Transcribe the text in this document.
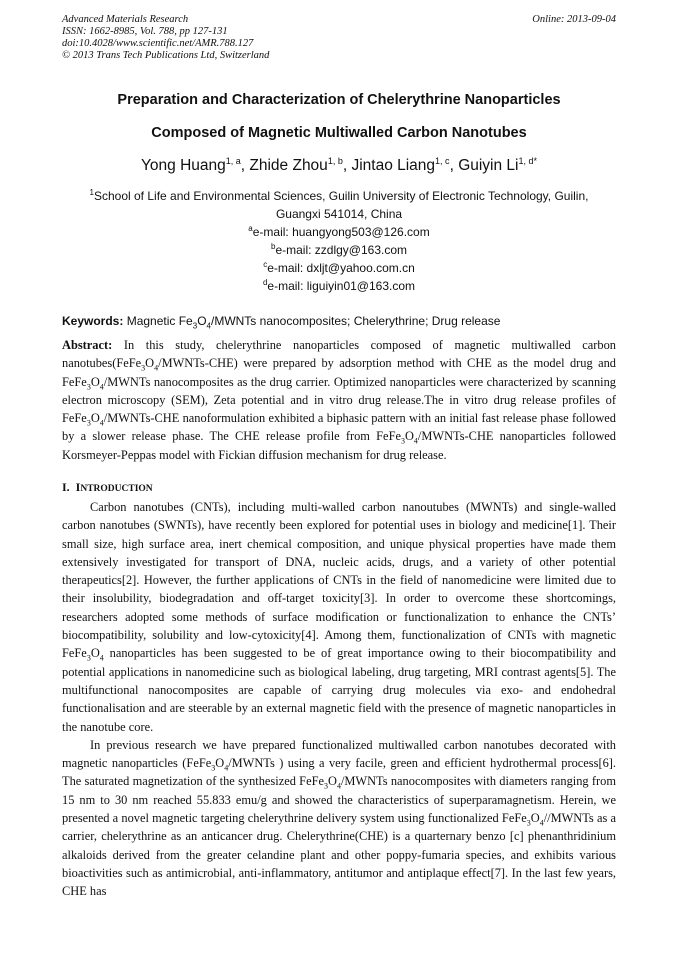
Advanced Materials Research
ISSN: 1662-8985, Vol. 788, pp 127-131
doi:10.4028/www.scientific.net/AMR.788.127
© 2013 Trans Tech Publications Ltd, Switzerland
Online: 2013-09-04
Preparation and Characterization of Chelerythrine Nanoparticles
Composed of Magnetic Multiwalled Carbon Nanotubes
Yong Huang$^{1, a}$, Zhide Zhou$^{1, b}$, Jintao Liang$^{1, c}$, Guiyin $Li^{1, d*}$
$^1$School of Life and Environmental Sciences, Guilin University of Electronic Technology, Guilin,
Guangxi 541014, China
$^a$e-mail: huangyong503@126.com
$^b$e-mail: zzdlgy@163.com
$^c$e-mail: dxljt@yahoo.com.cn
$^d$e-mail: liguiyin01@163.com
Keywords: Magnetic $Fe_3O_4$/MWNTs nanocomposites; Chelerythrine; Drug release

Abstract: In this study, chelerythrine nanoparticles composed of magnetic multiwalled carbon $nanotubes(FeFe_3O_4/MWNTs-CHE)$ were prepared by adsorption method with CHE as the model drug and $FeFe_3O_4$/MWNTs nanocomposites as the drug carrier. Optimized nanoparticles were characterized by scanning electron microscopy (SEM), Zeta potential and in vitro drug release.The in vitro drug release profiles of $FeFe_3O_4/MWNTs$-CHE nanoformulation exhibited a biphasic pattern with an initial fast release phase followed by a slower release phase. The CHE release profile from $FeFe_3O_4/MWNTs$-CHE nanoparticles followed Korsmeyer-Peppas model with Fickian diffusion mechanism for drug release.

I. INTRODUCTION

Carbon nanotubes (CNTs), including multi-walled carbon nanoutubes (MWNTs) and single-walled carbon nanotubes (SWNTs), have recently been explored for potential uses in biology and medicine[1]. Their small size, high surface area, inert chemical composition, and unique physical properties have made them extensively investigated for transport of DNA, nucleic acids, drugs, and a variety of other potential therapeutics[2]. However, the further applications of CNTs in the field of nanomedicine were limited due to their insolubility, biodegradation and off-target toxicity[3]. In order to overcome these shortcomings, researchers adopted some methods of surface modification or functionalization to enhance the CNTs’ biocompatibility, solubility and low-cytoxicity[4]. Among them, functionalization of CNTs with magnetic $FeFe_3O_4$ nanoparticles has been suggested to be of great importance owing to their biocompatibility and potential applications in nanomedicine such as biological labeling, drug targeting, MRI contrast agents[5]. The multifunctional nanocomposites are capable of carrying drug molecules via exo- and endohedral functionalisation and are steerable by an external magnetic field with the presence of magnetic nanoparticles in the nanotube core.

In previous research we have prepared functionalized multiwalled carbon nanotubes decorated with magnetic nanoparticles ($FeFe_3O_4$/MWNTs ) using a very facile, green and efficient hydrothermal process[6]. The saturated magnetization of the synthesized $FeFe_3O_4$/MWNTs nanocomposites with diameters ranging from 15 nm to 30 nm reached 55.833 emu/g and showed the characteristics of superparamagnetism. Herein, we presented a novel magnetic targeting chelerythrine delivery system using functionalized $FeFe_3O_4/$/MWNTs as a carrier, chelerythrine as an anticancer drug. Chelerythrine(CHE) is a quarternary benzo [c] phenanthridinium alkaloids derived from the greater celandine plant and other poppy-fumaria species, and exhibits various bioactivities such as antimicrobial, anti-inflammatory, antitumor and antiplaque effect[7]. In the last few years, CHE has
